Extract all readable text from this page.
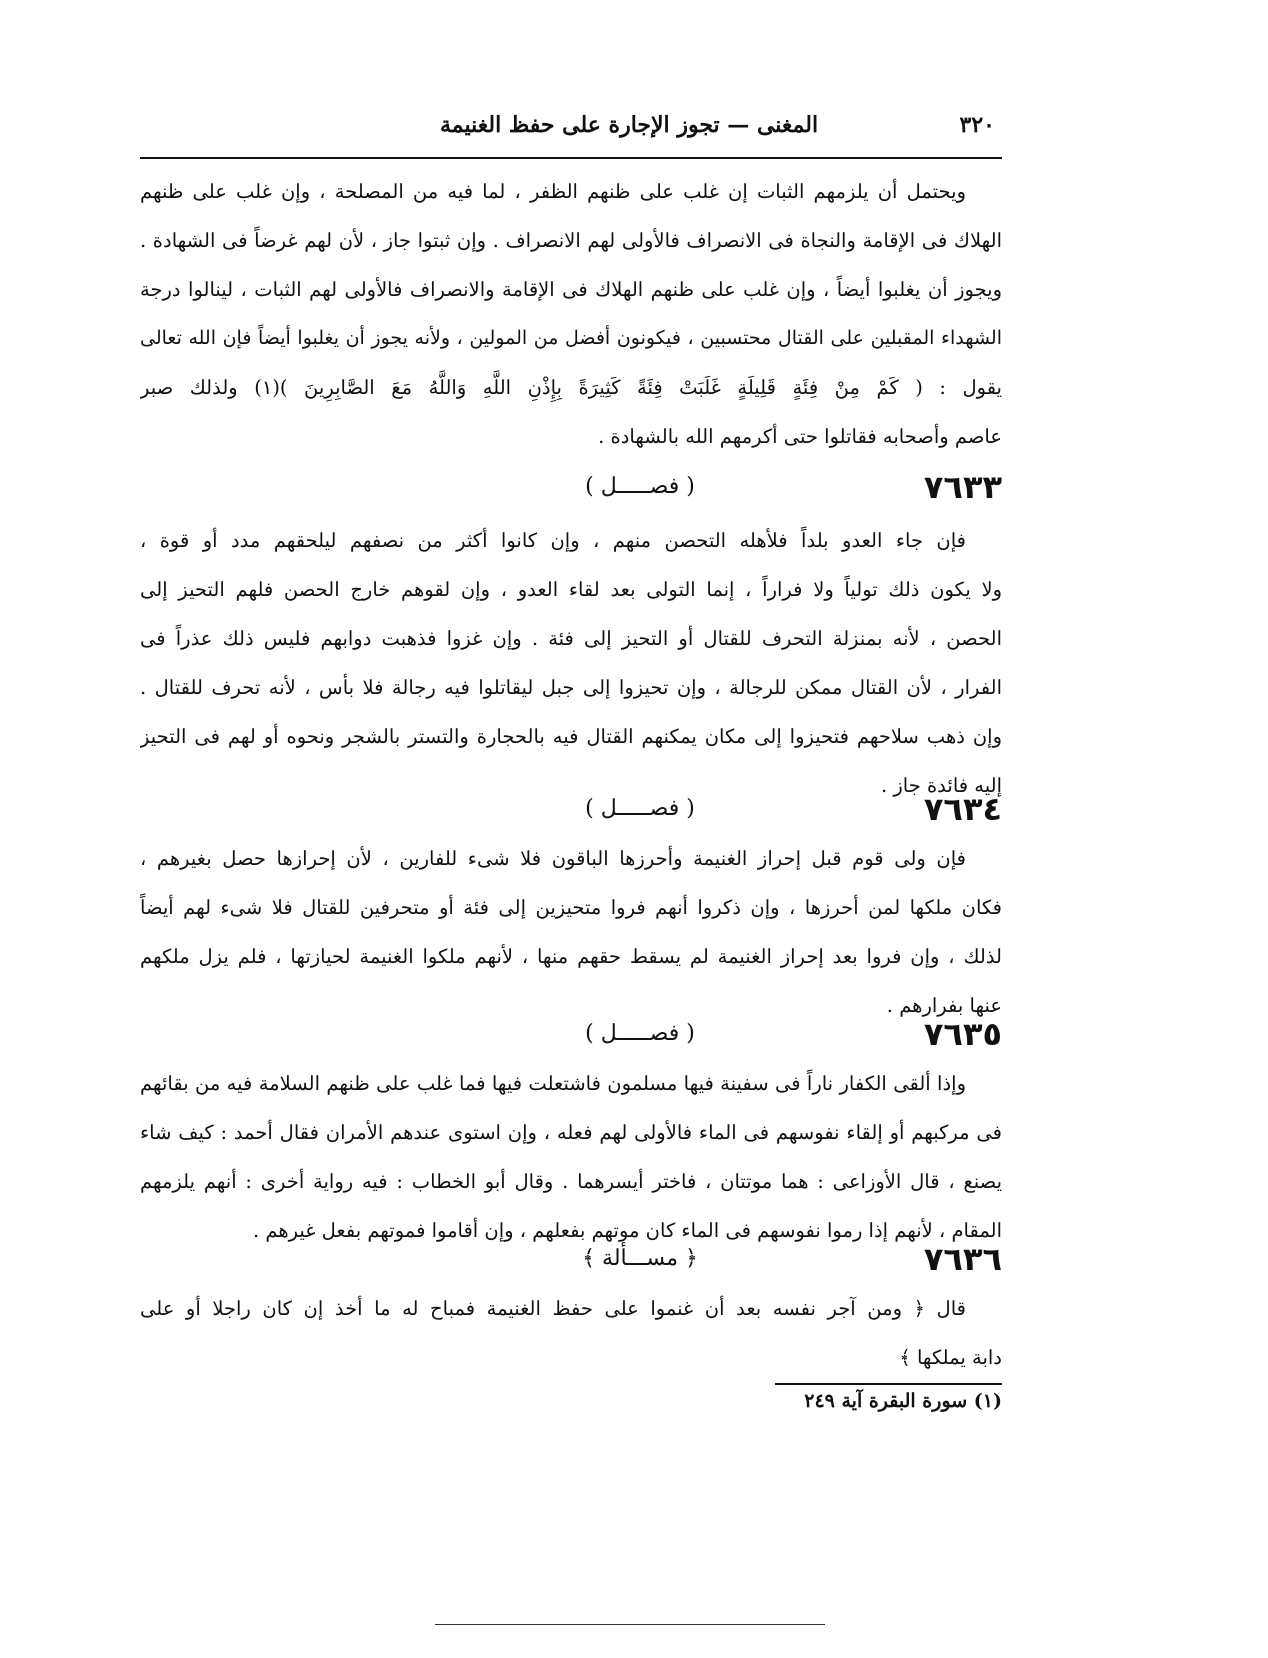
٣٢٠
المغنى — تجوز الإجارة على حفظ الغنيمة
ويحتمل أن يلزمهم الثبات إن غلب على ظنهم الظفر ، لما فيه من المصلحة ، وإن غلب على ظنهم
الهلاك فى الإقامة والنجاة فى الانصراف فالأولى لهم الانصراف . وإن ثبتوا جاز ، لأن لهم غرضاً فى الشهادة .
ويجوز أن يغلبوا أيضاً ، وإن غلب على ظنهم الهلاك فى الإقامة والانصراف فالأولى لهم الثبات ، لينالوا درجة
الشهداء المقبلين على القتال محتسبين ، فيكونون أفضل من المولين ، ولأنه يجوز أن يغلبوا أيضاً فإن الله تعالى
يقول : ( كَمْ مِنْ فِئَةٍ قَلِيلَةٍ غَلَبَتْ فِئَةً كَثِيرَةً بِإِذْنِ اللَّهِ وَاللَّهُ مَعَ الصَّابِرِينَ )(١) ولذلك صبر
عاصم وأصحابه فقاتلوا حتى أكرمهم الله بالشهادة .
٧٦٣٣
( فصـــــل )
فإن جاء العدو بلداً فلأهله التحصن منهم ، وإن كانوا أكثر من نصفهم ليلحقهم مدد أو قوة ،
ولا يكون ذلك تولياً ولا فراراً ، إنما التولى بعد لقاء العدو ، وإن لقوهم خارج الحصن فلهم التحيز إلى
الحصن ، لأنه بمنزلة التحرف للقتال أو التحيز إلى فئة . وإن غزوا فذهبت دوابهم فليس ذلك عذراً فى
الفرار ، لأن القتال ممكن للرجالة ، وإن تحيزوا إلى جبل ليقاتلوا فيه رجالة فلا بأس ، لأنه تحرف للقتال .
وإن ذهب سلاحهم فتحيزوا إلى مكان يمكنهم القتال فيه بالحجارة والتستر بالشجر ونحوه أو لهم فى التحيز
إليه فائدة جاز .
٧٦٣٤
( فصـــــل )
فإن ولى قوم قبل إحراز الغنيمة وأحرزها الباقون فلا شىء للفارين ، لأن إحرازها حصل بغيرهم ،
فكان ملكها لمن أحرزها ، وإن ذكروا أنهم فروا متحيزين إلى فئة أو متحرفين للقتال فلا شىء لهم أيضاً
لذلك ، وإن فروا بعد إحراز الغنيمة لم يسقط حقهم منها ، لأنهم ملكوا الغنيمة لحيازتها ، فلم يزل ملكهم
عنها بفرارهم .
٧٦٣٥
( فصـــــل )
وإذا ألقى الكفار ناراً فى سفينة فيها مسلمون فاشتعلت فيها فما غلب على ظنهم السلامة فيه من بقائهم
فى مركبهم أو إلقاء نفوسهم فى الماء فالأولى لهم فعله ، وإن استوى عندهم الأمران فقال أحمد : كيف شاء
يصنع ، قال الأوزاعى : هما موتتان ، فاختر أيسرهما . وقال أبو الخطاب : فيه رواية أخرى : أنهم يلزمهم
المقام ، لأنهم إذا رموا نفوسهم فى الماء كان موتهم بفعلهم ، وإن أقاموا فموتهم بفعل غيرهم .
٧٦٣٦
﴿ مســـألة ﴾
قال ﴿ ومن آجر نفسه بعد أن غنموا على حفظ الغنيمة فمباح له ما أخذ إن كان راجلا أو على
دابة يملكها ﴾
(١) سورة البقرة آية ٢٤٩
